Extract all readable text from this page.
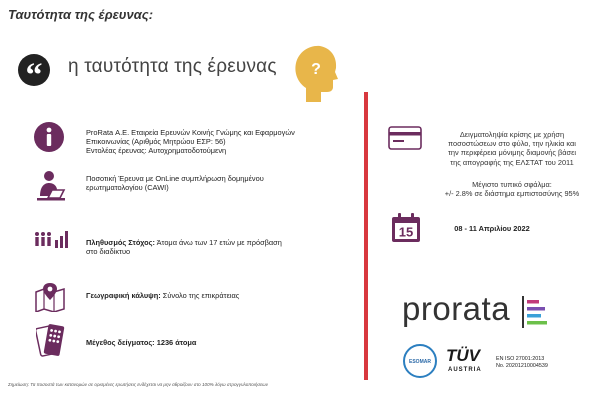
Ταυτότητα της έρευνας:
“	η ταυτότητα της έρευνας ?
ProRata Α.Ε. Εταιρεία Ερευνών Κοινής Γνώμης και Εφαρμογών
Επικοινωνίας (Αριθμός Μητρώου ΕΣΡ: 56)
Εντολέας έρευνας: Αυτοχρηματοδοτούμενη
Ποσοτική Έρευνα με OnLine συμπλήρωση δομημένου
ερωτηματολογίου (CAWI)
Πληθυσμός Στόχος: Άτομα άνω των 17 ετών με πρόσβαση
στο διαδίκτυο
Γεωγραφική κάλυψη: Σύνολο της επικράτειας
Μέγεθος δείγματος: 1236 άτομα
Σημείωση: Τα ποσοστά των κατανομών σε ορισμένες ερωτήσεις ενδέχεται να μην αθροίζουν στο 100% λόγω στρογγυλοποιήσεων
Δειγματοληψία κρίσης με χρήση
ποσοστώσεων στο φύλο, την ηλικία και
την περιφέρεια μόνιμης διαμονής βάσει
της απογραφής της ΕΛΣΤΑΤ του 2011
Μέγιστο τυπικό σφάλμα:
+/- 2.8% σε διάστημα εμπιστοσύνης 95%
15	08 - 11 Απριλίου 2022
prorata
ESOMAR TÜV
AUSTRIA
EN ISO 27001:2013
No. 20201210004539
